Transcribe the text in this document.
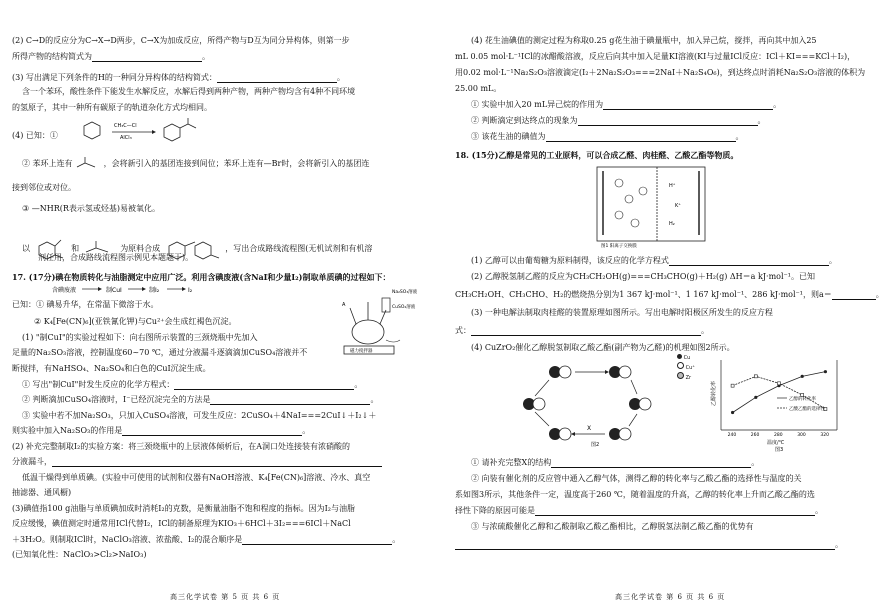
(2) C→D的反应分为C→X→D两步，C→X为加成反应，所得产物与D互为同分异构体，则第一步
所得产物的结构简式为	。
(3) 写出满足下列条件的H的一种同分异构体的结构简式：	。
含一个苯环，酸性条件下能发生水解反应，水解后得到两种产物，两种产物均含有4种不同环境
的氢原子，其中一种所有碳原子的轨道杂化方式均相同。
(4) 已知：①
CH₃C—Cl
AlCl₃
② 苯环上连有	，会将新引入的基团连接到间位；苯环上连有—Br时，会将新引入的基团连
接到邻位或对位。
③ —NHR(R表示氢或烃基)易被氧化。
以	和	为原料合成	，写出合成路线流程图(无机试剂和有机溶
剂任用，合成路线流程图示例见本题题干)。
17. (17分)碘在物质转化与油脂测定中应用广泛。利用含碘废液(含NaI和少量I₂)制取单质碘的过程如下：
含碘废液	制CuI	制I₂	I₂
已知：① 碘易升华，在常温下微溶于水。
② K₄[Fe(CN)₆](亚铁氰化钾)与Cu²⁺会生成红褐色沉淀。
(1) "制CuI"的实验过程如下：向右图所示装置的三颈烧瓶中先加入
足量的Na₂SO₃溶液，控制温度60~70 ℃，通过分液漏斗逐滴滴加CuSO₄溶液并不
断搅拌，有NaHSO₄、Na₂SO₄和白色的CuI沉淀生成。
Na₂SO₃溶液
CuSO₄溶液
A
磁力搅拌器
① 写出"制CuI"时发生反应的化学方程式：	。
② 判断滴加CuSO₄溶液时，I⁻已经沉淀完全的方法是	。
③ 实验中若不加Na₂SO₃，只加入CuSO₄溶液，可发生反应：2CuSO₄＋4NaI===2CuI↓＋I₂↓＋
则实验中加入Na₂SO₃的作用是	。
(2) 补充完整制取I₂的实验方案：将三颈烧瓶中的上层液体倾析后，在A洞口处连接装有浓硝酸的
分液漏斗，
低温干燥得到单质碘。(实验中可使用的试剂和仪器有NaOH溶液、K₄[Fe(CN)₆]溶液、冷水、真空
抽滤器、通风橱)
(3)碘值指100 g油脂与单质碘加成时消耗I₂的克数，是衡量油脂不饱和程度的指标。因为I₂与油脂
反应缓慢，碘值测定时通常用ICl代替I₂，ICl的制备原理为KIO₃＋6HCl＋3I₂===6ICl＋NaCl
＋3H₂O。则制取ICl时，NaClO₃溶液、浓盐酸、I₂的混合顺序是	。
(已知氧化性：NaClO₃>Cl₂>NaIO₃)
高三化学试卷 第 5 页 共 6 页
(4) 花生油碘值的测定过程为称取0.25 g花生油于碘量瓶中，加入异己烷，搅拌，再向其中加入25
mL 0.05 mol·L⁻¹ICl的冰醋酸溶液，反应后向其中加入足量KI溶液(KI与过量ICl反应：ICl＋KI===KCl＋I₂)，
用0.02 mol·L⁻¹Na₂S₂O₃溶液滴定(I₂＋2Na₂S₂O₃===2NaI＋Na₂S₄O₆)，到达终点时消耗Na₂S₂O₃溶液的体积为
25.00 mL。
① 实验中加入20 mL异己烷的作用为	。
② 判断滴定到达终点的现象为	。
③ 该花生油的碘值为	。
18. (15分)乙醇是常见的工业原料，可以合成乙醛、肉桂醛、乙酸乙酯等物质。
H⁺
K⁺
H₂
图1 阳离子交换膜
(1) 乙醇可以由葡萄糖为原料制得，该反应的化学方程式	。
(2) 乙醇脱氢制乙醛的反应为CH₃CH₂OH(g)===CH₃CHO(g)＋H₂(g) ΔH＝a kJ·mol⁻¹。已知
CH₃CH₂OH、CH₃CHO、H₂的燃烧热分别为1 367 kJ·mol⁻¹、1 167 kJ·mol⁻¹、286 kJ·mol⁻¹，则a＝	。
(3) 一种电解法制取肉桂醛的装置原理如图所示。写出电解时阳极区所发生的反应方程
式：	。
(4) CuZrO₂催化乙醇脱氢制取乙酸乙酯(副产物为乙醛)的机理如图2所示。
X
图2
Cu
Cu⁺
Zr
乙醇转化率
温度/℃
图3
240	260	280	300	320
乙醇的转化率
乙酸乙酯的选择性
① 请补充完整X的结构	。
② 向装有催化剂的反应管中通入乙醇气体，测得乙醇的转化率与乙酸乙酯的选择性与温度的关
系如图3所示，其他条件一定，温度高于260 ℃，随着温度的升高，乙醇的转化率上升而乙酸乙酯的选
择性下降的原因可能是	。
③ 与浓硫酸催化乙醇和乙酸制取乙酸乙酯相比，乙醇脱氢法制乙酸乙酯的优势有
。
高三化学试卷 第 6 页 共 6 页
